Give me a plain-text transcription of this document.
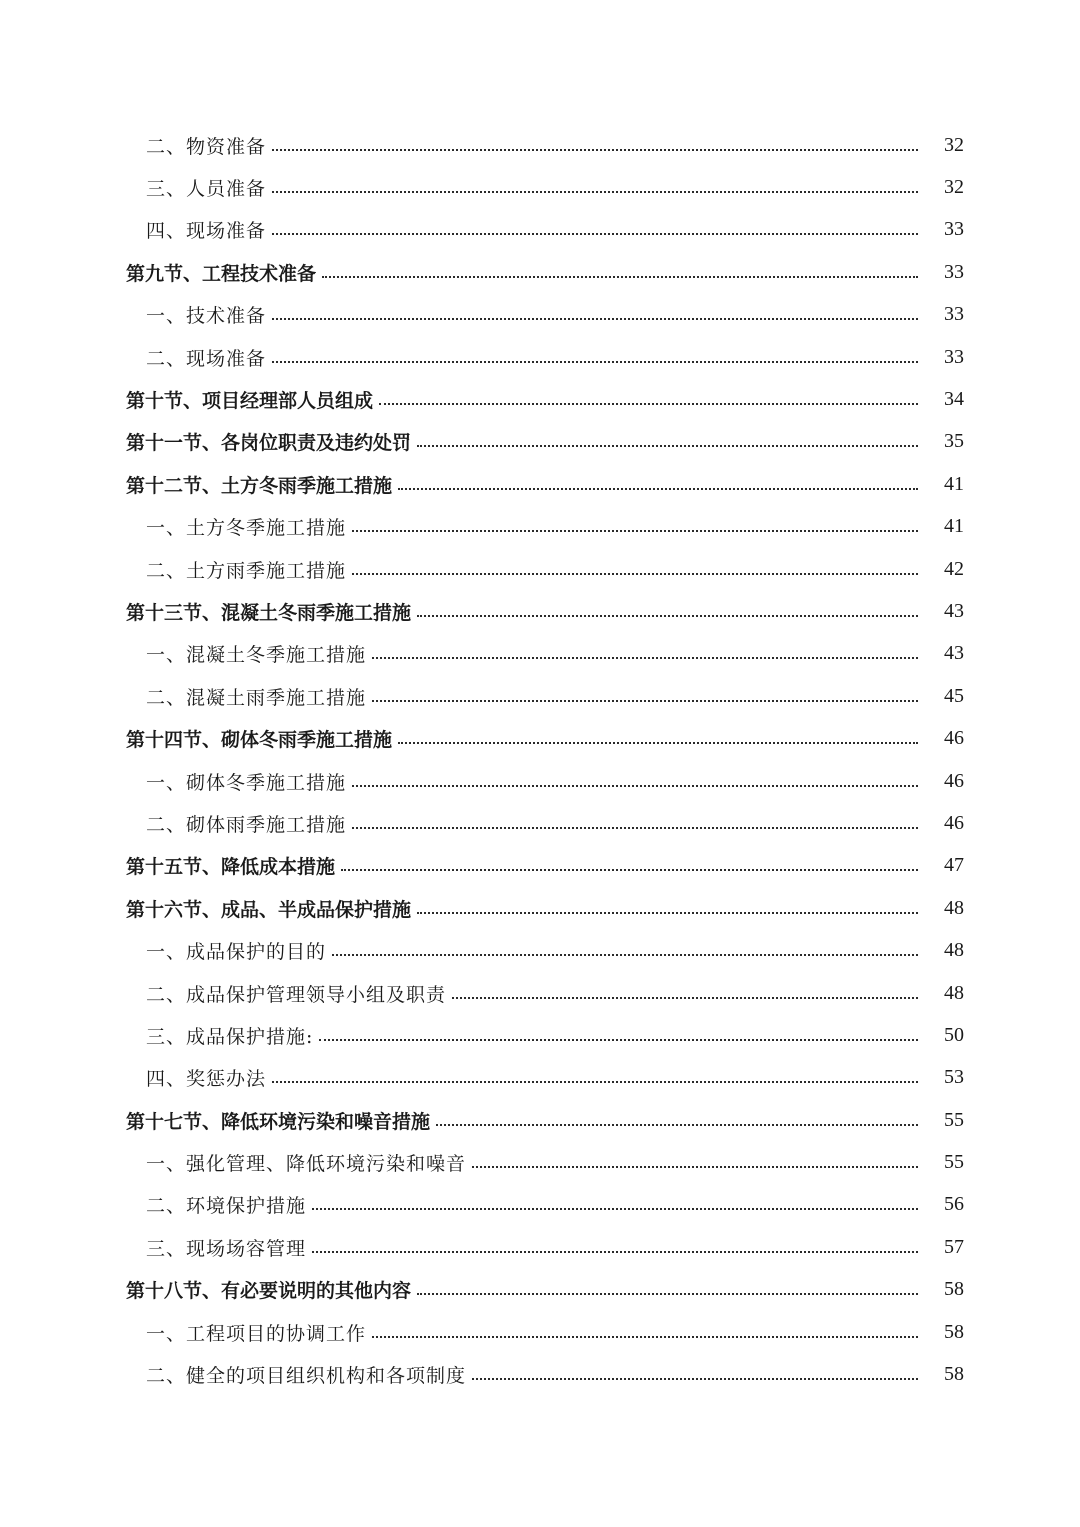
二、物资准备	32
三、人员准备	32
四、现场准备	33
第九节、工程技术准备	33
一、技术准备	33
二、现场准备	33
第十节、项目经理部人员组成	34
第十一节、各岗位职责及违约处罚	35
第十二节、土方冬雨季施工措施	41
一、土方冬季施工措施	41
二、土方雨季施工措施	42
第十三节、混凝土冬雨季施工措施	43
一、混凝土冬季施工措施	43
二、混凝土雨季施工措施	45
第十四节、砌体冬雨季施工措施	46
一、砌体冬季施工措施	46
二、砌体雨季施工措施	46
第十五节、降低成本措施	47
第十六节、成品、半成品保护措施	48
一、成品保护的目的	48
二、成品保护管理领导小组及职责	48
三、成品保护措施:	50
四、奖惩办法	53
第十七节、降低环境污染和噪音措施	55
一、强化管理、降低环境污染和噪音	55
二、环境保护措施	56
三、现场场容管理	57
第十八节、有必要说明的其他内容	58
一、工程项目的协调工作	58
二、健全的项目组织机构和各项制度	58
